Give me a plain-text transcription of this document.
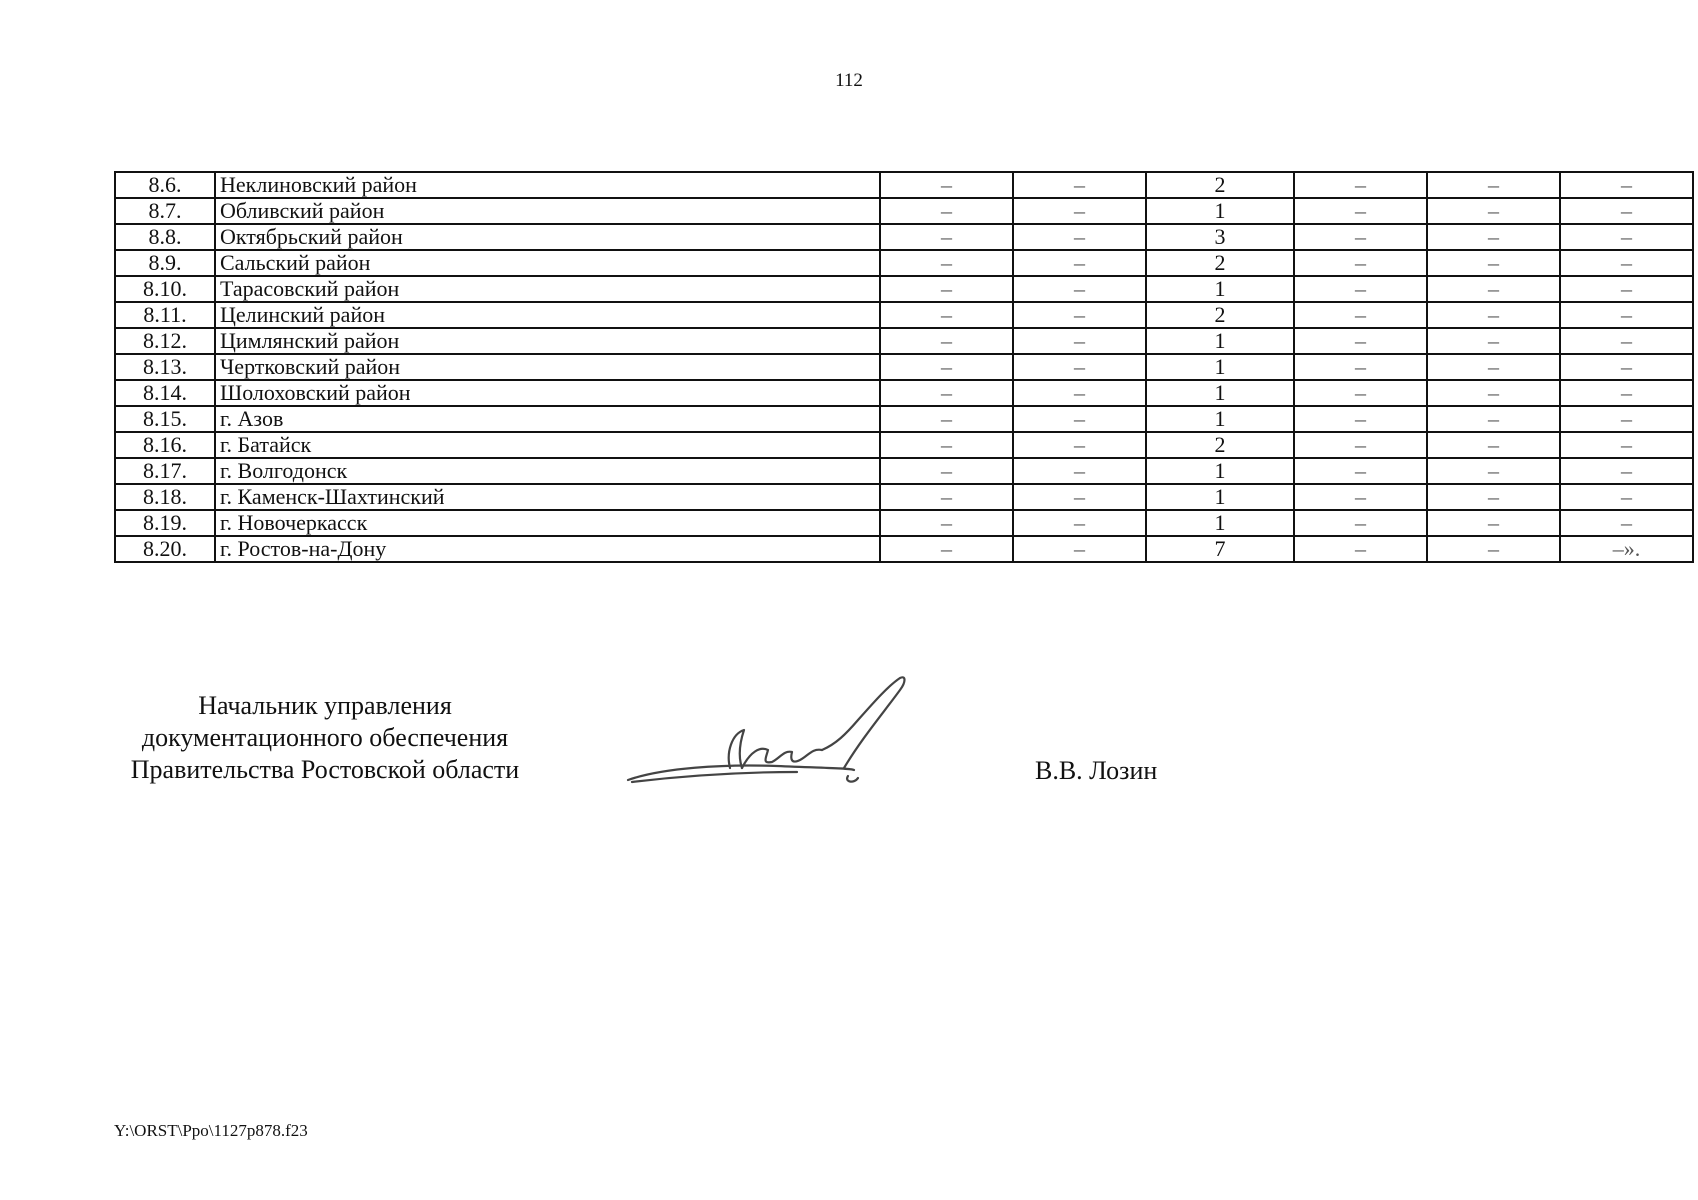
112
8.6.	Неклиновский район	–	–	2	–	–	–
8.7.	Обливский район	–	–	1	–	–	–
8.8.	Октябрьский район	–	–	3	–	–	–
8.9.	Сальский район	–	–	2	–	–	–
8.10.	Тарасовский район	–	–	1	–	–	–
8.11.	Целинский район	–	–	2	–	–	–
8.12.	Цимлянский район	–	–	1	–	–	–
8.13.	Чертковский район	–	–	1	–	–	–
8.14.	Шолоховский район	–	–	1	–	–	–
8.15.	г. Азов	–	–	1	–	–	–
8.16.	г. Батайск	–	–	2	–	–	–
8.17.	г. Волгодонск	–	–	1	–	–	–
8.18.	г. Каменск-Шахтинский	–	–	1	–	–	–
8.19.	г. Новочеркасск	–	–	1	–	–	–
8.20.	г. Ростов-на-Дону	–	–	7	–	–	–».
Начальник управления
документационного обеспечения
Правительства Ростовской области	В.В. Лозин
Y:\ORST\Ppo\1127p878.f23
